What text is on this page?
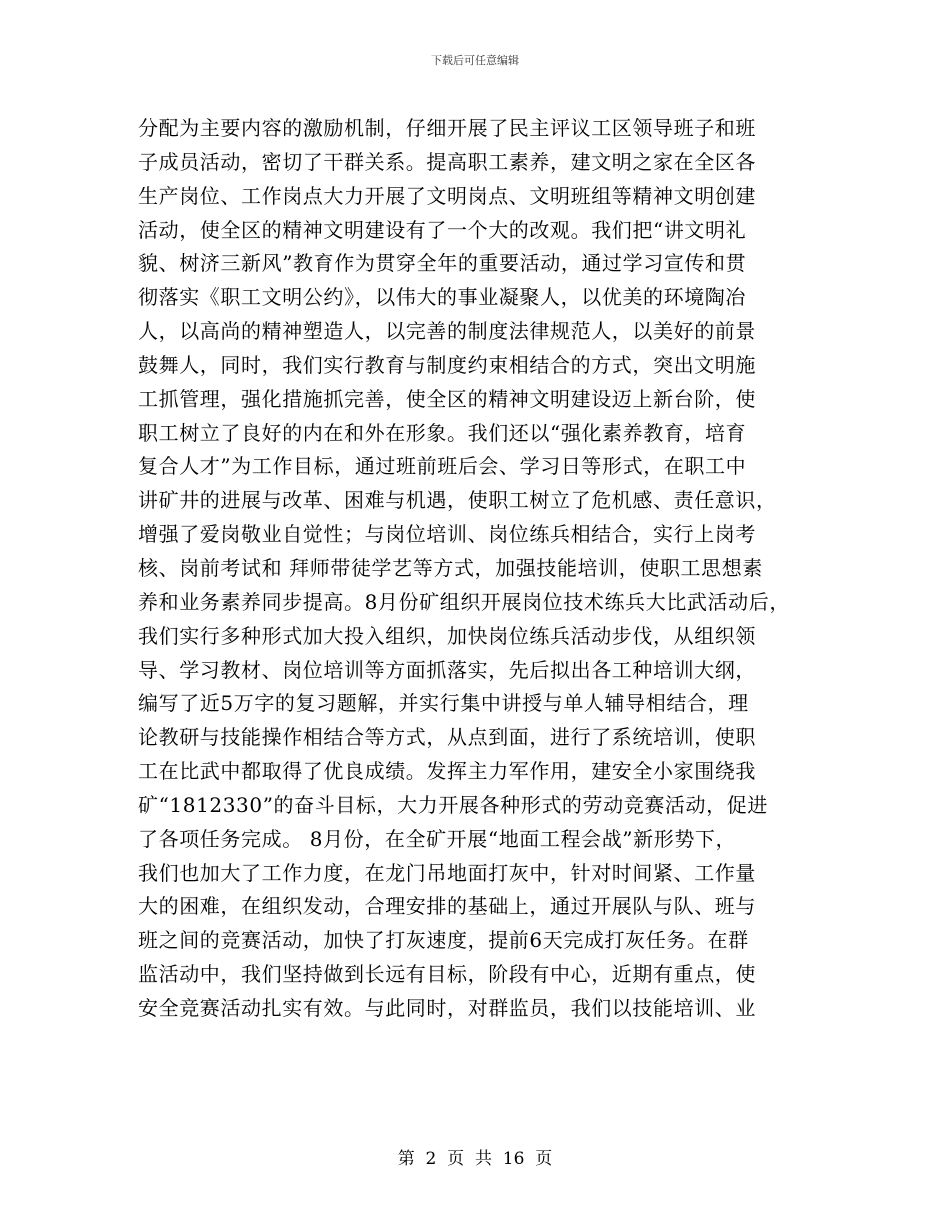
下载后可任意编辑
分配为主要内容的激励机制，仔细开展了民主评议工区领导班子和班
子成员活动，密切了干群关系。提高职工素养，建文明之家在全区各
生产岗位、工作岗点大力开展了文明岗点、文明班组等精神文明创建
活动，使全区的精神文明建设有了一个大的改观。我们把“讲文明礼
貌、树济三新风”教育作为贯穿全年的重要活动，通过学习宣传和贯
彻落实《职工文明公约》，以伟大的事业凝聚人，以优美的环境陶冶
人，以高尚的精神塑造人，以完善的制度法律规范人，以美好的前景
鼓舞人，同时，我们实行教育与制度约束相结合的方式，突出文明施
工抓管理，强化措施抓完善，使全区的精神文明建设迈上新台阶，使
职工树立了良好的内在和外在形象。我们还以“强化素养教育，培育
复合人才”为工作目标，通过班前班后会、学习日等形式，在职工中
讲矿井的进展与改革、困难与机遇，使职工树立了危机感、责任意识，
增强了爱岗敬业自觉性；与岗位培训、岗位练兵相结合，实行上岗考
核、岗前考试和 拜师带徒学艺等方式，加强技能培训，使职工思想素
养和业务素养同步提高。8月份矿组织开展岗位技术练兵大比武活动后，
我们实行多种形式加大投入组织，加快岗位练兵活动步伐，从组织领
导、学习教材、岗位培训等方面抓落实，先后拟出各工种培训大纲，
编写了近5万字的复习题解，并实行集中讲授与单人辅导相结合，理
论教研与技能操作相结合等方式，从点到面，进行了系统培训，使职
工在比武中都取得了优良成绩。发挥主力军作用，建安全小家围绕我
矿“1812330”的奋斗目标，大力开展各种形式的劳动竞赛活动，促进
了各项任务完成。 8月份，在全矿开展“地面工程会战”新形势下，
我们也加大了工作力度，在龙门吊地面打灰中，针对时间紧、工作量
大的困难，在组织发动，合理安排的基础上，通过开展队与队、班与
班之间的竞赛活动，加快了打灰速度，提前6天完成打灰任务。在群
监活动中，我们坚持做到长远有目标，阶段有中心，近期有重点，使
安全竞赛活动扎实有效。与此同时，对群监员，我们以技能培训、业
第  2  页  共  16  页
